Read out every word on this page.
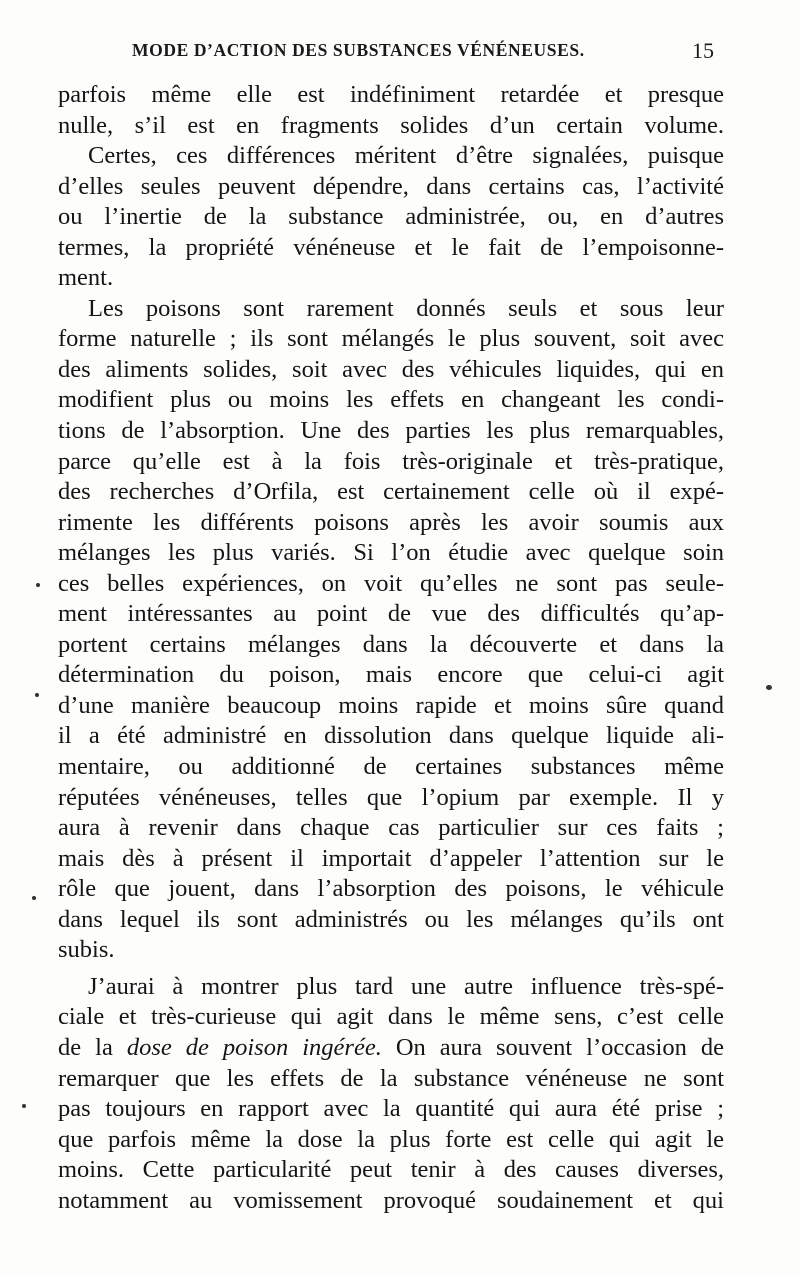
MODE D’ACTION DES SUBSTANCES VÉNÉNEUSES.	15
parfois même elle est indéfiniment retardée et presque
nulle, s’il est en fragments solides d’un certain volume.
Certes, ces différences méritent d’être signalées, puisque
d’elles seules peuvent dépendre, dans certains cas, l’activité
ou l’inertie de la substance administrée, ou, en d’autres
termes, la propriété vénéneuse et le fait de l’empoisonne-
ment.
Les poisons sont rarement donnés seuls et sous leur
forme naturelle ; ils sont mélangés le plus souvent, soit avec
des aliments solides, soit avec des véhicules liquides, qui en
modifient plus ou moins les effets en changeant les condi-
tions de l’absorption. Une des parties les plus remarquables,
parce qu’elle est à la fois très-originale et très-pratique,
des recherches d’Orfila, est certainement celle où il expé-
rimente les différents poisons après les avoir soumis aux
mélanges les plus variés. Si l’on étudie avec quelque soin
ces belles expériences, on voit qu’elles ne sont pas seule-
ment intéressantes au point de vue des difficultés qu’ap-
portent certains mélanges dans la découverte et dans la
détermination du poison, mais encore que celui-ci agit
d’une manière beaucoup moins rapide et moins sûre quand
il a été administré en dissolution dans quelque liquide ali-
mentaire, ou additionné de certaines substances même
réputées vénéneuses, telles que l’opium par exemple. Il y
aura à revenir dans chaque cas particulier sur ces faits ;
mais dès à présent il importait d’appeler l’attention sur le
rôle que jouent, dans l’absorption des poisons, le véhicule
dans lequel ils sont administrés ou les mélanges qu’ils ont
subis.
J’aurai à montrer plus tard une autre influence très-spé-
ciale et très-curieuse qui agit dans le même sens, c’est celle
de la dose de poison ingérée. On aura souvent l’occasion de
remarquer que les effets de la substance vénéneuse ne sont
pas toujours en rapport avec la quantité qui aura été prise ;
que parfois même la dose la plus forte est celle qui agit le
moins. Cette particularité peut tenir à des causes diverses,
notamment au vomissement provoqué soudainement et qui
